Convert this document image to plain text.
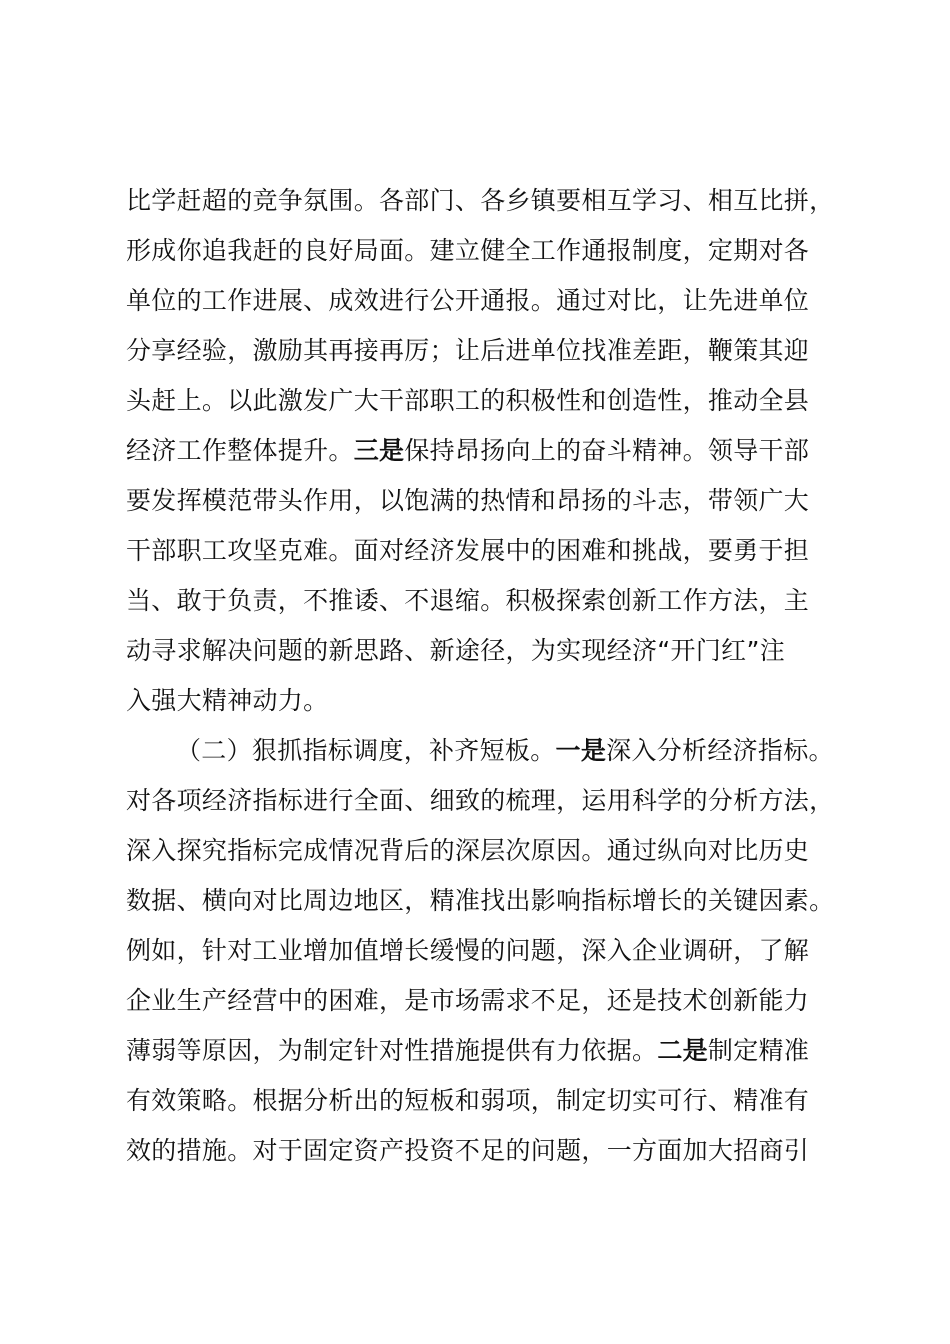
比学赶超的竞争氛围。各部门、各乡镇要相互学习、相互比拼，
形成你追我赶的良好局面。建立健全工作通报制度，定期对各
单位的工作进展、成效进行公开通报。通过对比，让先进单位
分享经验，激励其再接再厉；让后进单位找准差距，鞭策其迎
头赶上。以此激发广大干部职工的积极性和创造性，推动全县
经济工作整体提升。三是保持昂扬向上的奋斗精神。领导干部
要发挥模范带头作用，以饱满的热情和昂扬的斗志，带领广大
干部职工攻坚克难。面对经济发展中的困难和挑战，要勇于担
当、敢于负责，不推诿、不退缩。积极探索创新工作方法，主
动寻求解决问题的新思路、新途径，为实现经济“开门红”注
入强大精神动力。
（二）狠抓指标调度，补齐短板。一是深入分析经济指标。
对各项经济指标进行全面、细致的梳理，运用科学的分析方法，
深入探究指标完成情况背后的深层次原因。通过纵向对比历史
数据、横向对比周边地区，精准找出影响指标增长的关键因素。
例如，针对工业增加值增长缓慢的问题，深入企业调研，了解
企业生产经营中的困难，是市场需求不足，还是技术创新能力
薄弱等原因，为制定针对性措施提供有力依据。二是制定精准
有效策略。根据分析出的短板和弱项，制定切实可行、精准有
效的措施。对于固定资产投资不足的问题，一方面加大招商引
